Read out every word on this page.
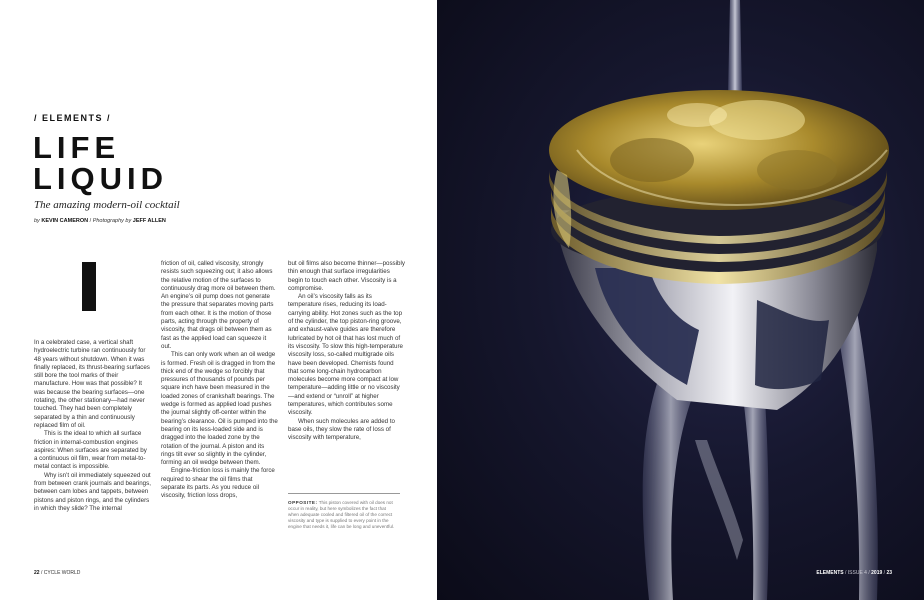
/ ELEMENTS /
LIFE
LIQUID
The amazing modern-oil cocktail
by KEVIN CAMERON / Photography by JEFF ALLEN

In a celebrated case, a vertical shaft hydroelectric turbine ran continuously for 48 years without shutdown. When it was finally replaced, its thrust-bearing surfaces still bore the tool marks of their manufacture. How was that possible? It was because the bearing surfaces—one rotating, the other stationary—had never touched. They had been completely separated by a thin and continuously replaced film of oil.

This is the ideal to which all surface friction in internal-combustion engines aspires: When surfaces are separated by a continuous oil film, wear from metal-to-metal contact is impossible.

Why isn’t oil immediately squeezed out from between crank journals and bearings, between cam lobes and tappets, between pistons and piston rings, and the cylinders in which they slide? The internal

friction of oil, called viscosity, strongly resists such squeezing out; it also allows the relative motion of the surfaces to continuously drag more oil between them. An engine’s oil pump does not generate the pressure that separates moving parts from each other. It is the motion of those parts, acting through the property of viscosity, that drags oil between them as fast as the applied load can squeeze it out.

This can only work when an oil wedge is formed. Fresh oil is dragged in from the thick end of the wedge so forcibly that pressures of thousands of pounds per square inch have been measured in the loaded zones of crankshaft bearings. The wedge is formed as applied load pushes the journal slightly off-center within the bearing’s clearance. Oil is pumped into the bearing on its less-loaded side and is dragged into the loaded zone by the rotation of the journal. A piston and its rings tilt ever so slightly in the cylinder, forming an oil wedge between them.

Engine-friction loss is mainly the force required to shear the oil films that separate its parts. As you reduce oil viscosity, friction loss drops,

but oil films also become thinner—possibly thin enough that surface irregularities begin to touch each other. Viscosity is a compromise.

An oil’s viscosity falls as its temperature rises, reducing its load-carrying ability. Hot zones such as the top of the cylinder, the top piston-ring groove, and exhaust-valve guides are therefore lubricated by hot oil that has lost much of its viscosity. To slow this high-temperature viscosity loss, so-called multigrade oils have been developed. Chemists found that some long-chain hydrocarbon molecules become more compact at low temperature—adding little or no viscosity—and extend or “unroll” at higher temperatures, which contributes some viscosity.

When such molecules are added to base oils, they slow the rate of loss of viscosity with temperature,

OPPOSITE: This piston covered with oil does not occur in reality, but here symbolizes the fact that when adequate cooled and filtered oil of the correct viscosity and type is supplied to every point in the engine that needs it, life can be long and uneventful.
22 / CYCLE WORLD	ELEMENTS / ISSUE 4 / 2019 / 23
